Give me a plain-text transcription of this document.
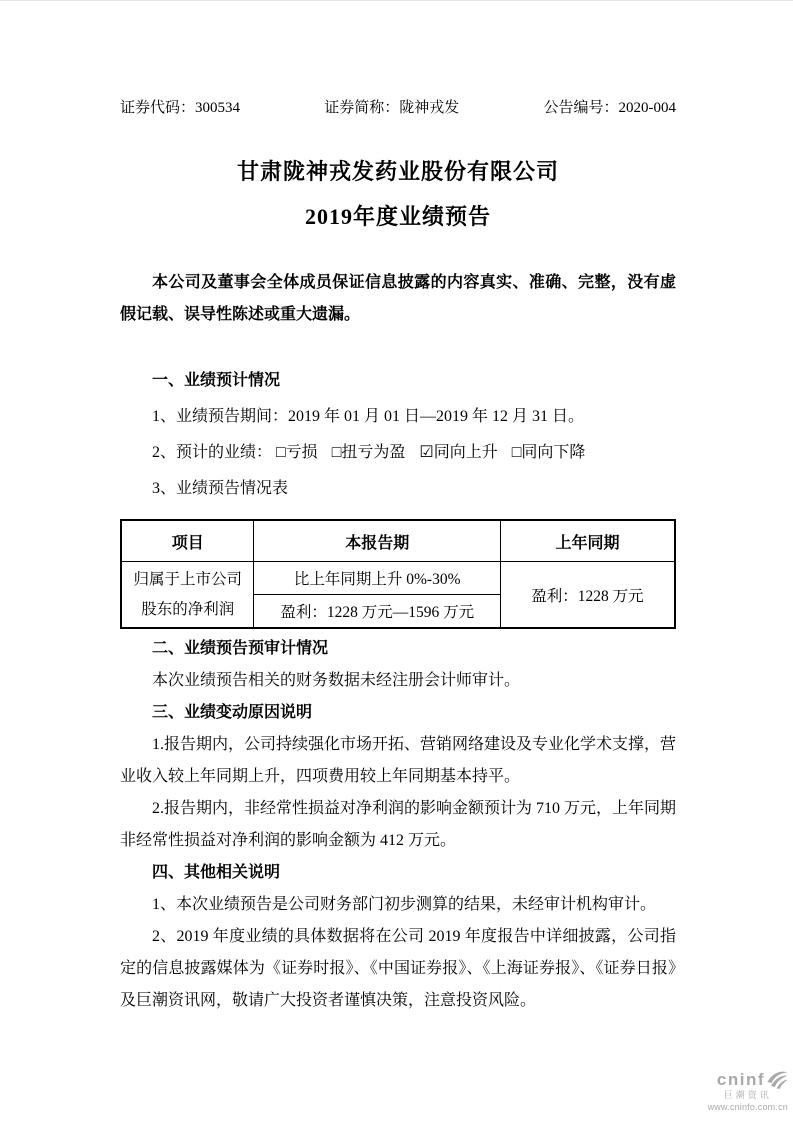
证券代码：300534	证券简称：陇神戎发	公告编号：2020-004
甘肃陇神戎发药业股份有限公司
2019年度业绩预告

本公司及董事会全体成员保证信息披露的内容真实、准确、完整，没有虚假记载、误导性陈述或重大遗漏。

一、业绩预计情况

1、业绩预告期间：2019 年 01 月 01 日—2019 年 12 月 31 日。

2、预计的业绩： □亏损 □扭亏为盈 ☑同向上升 □同向下降

3、业绩预告情况表

项目	本报告期	上年同期

归属于上市公司
股东的净利润	比上年同期上升 0%-30%	盈利：1228 万元
	盈利：1228 万元—1596 万元	

二、业绩预告预审计情况

本次业绩预告相关的财务数据未经注册会计师审计。

三、业绩变动原因说明

1.报告期内，公司持续强化市场开拓、营销网络建设及专业化学术支撑，营业收入较上年同期上升，四项费用较上年同期基本持平。

2.报告期内，非经常性损益对净利润的影响金额预计为 710 万元，上年同期非经常性损益对净利润的影响金额为 412 万元。

四、其他相关说明

1、本次业绩预告是公司财务部门初步测算的结果，未经审计机构审计。

2、2019 年度业绩的具体数据将在公司 2019 年度报告中详细披露，公司指定的信息披露媒体为《证券时报》、《中国证券报》、《上海证券报》、《证券日报》及巨潮资讯网，敬请广大投资者谨慎决策，注意投资风险。

cninf
巨潮资讯
www.cninfo.com.cn
